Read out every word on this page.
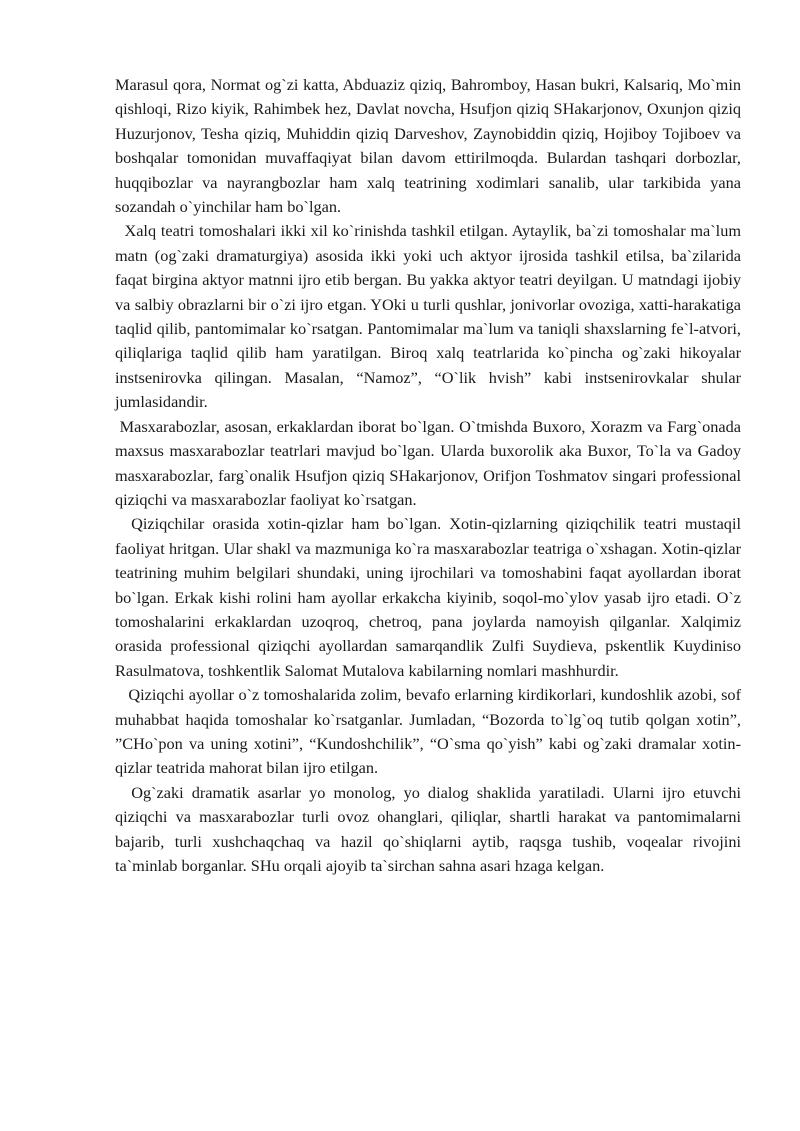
Marasul qora, Normat og`zi katta, Abduaziz qiziq, Bahromboy, Hasan bukri, Kalsariq, Mo`min qishloqi, Rizo kiyik, Rahimbek hez, Davlat novcha, Hsufjon qiziq SHakarjonov, Oxunjon qiziq Huzurjonov, Tesha qiziq, Muhiddin qiziq Darveshov, Zaynobiddin qiziq, Hojiboy Tojiboev va boshqalar tomonidan muvaffaqiyat bilan davom ettirilmoqda. Bulardan tashqari dorbozlar, huqqibozlar va nayrangbozlar ham xalq teatrining xodimlari sanalib, ular tarkibida yana sozandah o`yinchilar ham bo`lgan.

Xalq teatri tomoshalari ikki xil ko`rinishda tashkil etilgan. Aytaylik, ba`zi tomoshalar ma`lum matn (og`zaki dramaturgiya) asosida ikki yoki uch aktyor ijrosida tashkil etilsa, ba`zilarida faqat birgina aktyor matnni ijro etib bergan. Bu yakka aktyor teatri deyilgan. U matndagi ijobiy va salbiy obrazlarni bir o`zi ijro etgan. YOki u turli qushlar, jonivorlar ovoziga, xatti-harakatiga taqlid qilib, pantomimalar ko`rsatgan. Pantomimalar ma`lum va taniqli shaxslarning fe`l-atvori, qiliqlariga taqlid qilib ham yaratilgan. Biroq xalq teatrlarida ko`pincha og`zaki hikoyalar instsenirovka qilingan. Masalan, “Namoz”, “O`lik hvish” kabi instsenirovkalar shular jumlasidandir.

Masxarabozlar, asosan, erkaklardan iborat bo`lgan. O`tmishda Buxoro, Xorazm va Farg`onada maxsus masxarabozlar teatrlari mavjud bo`lgan. Ularda buxorolik aka Buxor, To`la va Gadoy masxarabozlar, farg`onalik Hsufjon qiziq SHakarjonov, Orifjon Toshmatov singari professional qiziqchi va masxarabozlar faoliyat ko`rsatgan.

Qiziqchilar orasida xotin-qizlar ham bo`lgan. Xotin-qizlarning qiziqchilik teatri mustaqil faoliyat hritgan. Ular shakl va mazmuniga ko`ra masxarabozlar teatriga o`xshagan. Xotin-qizlar teatrining muhim belgilari shundaki, uning ijrochilari va tomoshabini faqat ayollardan iborat bo`lgan. Erkak kishi rolini ham ayollar erkakcha kiyinib, soqol-mo`ylov yasab ijro etadi. O`z tomoshalarini erkaklardan uzoqroq, chetroq, pana joylarda namoyish qilganlar. Xalqimiz orasida professional qiziqchi ayollardan samarqandlik Zulfi Suydieva, pskentlik Kuydiniso Rasulmatova, toshkentlik Salomat Mutalova kabilarning nomlari mashhurdir.

Qiziqchi ayollar o`z tomoshalarida zolim, bevafo erlarning kirdikorlari, kundoshlik azobi, sof muhabbat haqida tomoshalar ko`rsatganlar. Jumladan, “Bozorda to`lg`oq tutib qolgan xotin”, ”CHo`pon va uning xotini”, “Kundoshchilik”, “O`sma qo`yish” kabi og`zaki dramalar xotin-qizlar teatrida mahorat bilan ijro etilgan.

Og`zaki dramatik asarlar yo monolog, yo dialog shaklida yaratiladi. Ularni ijro etuvchi qiziqchi va masxarabozlar turli ovoz ohanglari, qiliqlar, shartli harakat va pantomimalarni bajarib, turli xushchaqchaq va hazil qo`shiqlarni aytib, raqsga tushib, voqealar rivojini ta`minlab borganlar. SHu orqali ajoyib ta`sirchan sahna asari hzaga kelgan.
